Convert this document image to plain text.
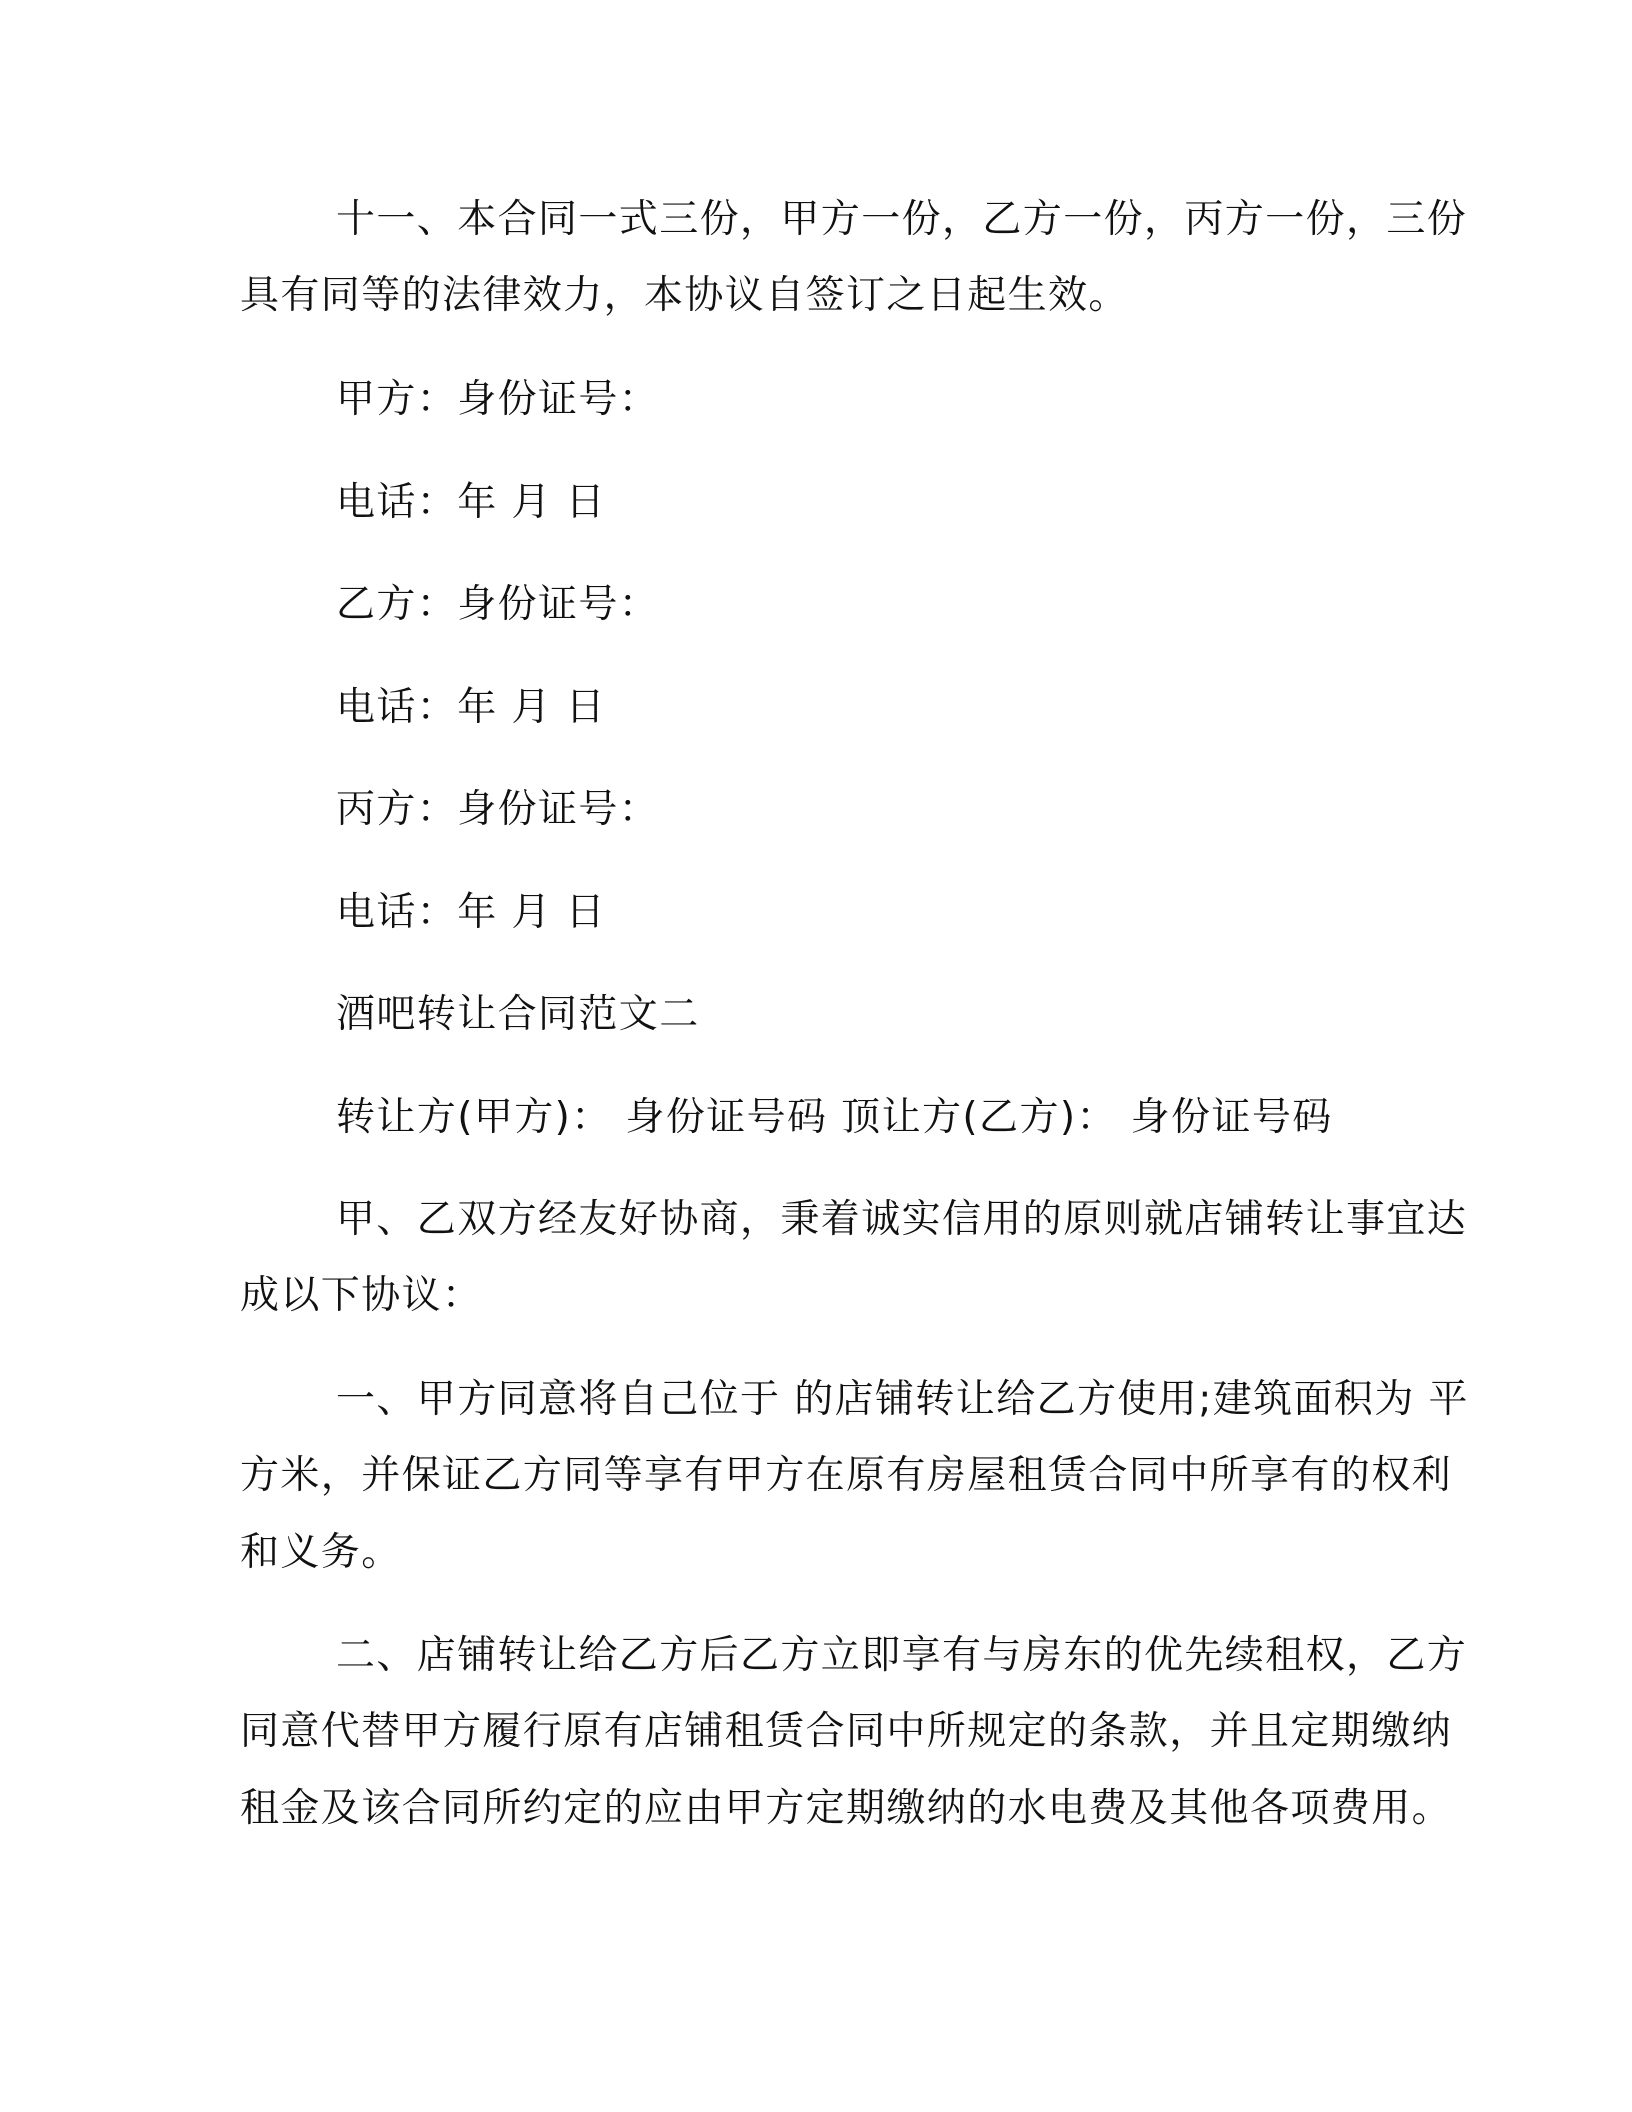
十一、本合同一式三份，甲方一份，乙方一份，丙方一份，三份
具有同等的法律效力，本协议自签订之日起生效。
甲方：身份证号：
电话：年 月 日
乙方：身份证号：
电话：年 月 日
丙方：身份证号：
电话：年 月 日
酒吧转让合同范文二
转让方(甲方)： 身份证号码 顶让方(乙方)： 身份证号码
甲、乙双方经友好协商，秉着诚实信用的原则就店铺转让事宜达
成以下协议：
一、甲方同意将自己位于 的店铺转让给乙方使用;建筑面积为 平
方米，并保证乙方同等享有甲方在原有房屋租赁合同中所享有的权利
和义务。
二、店铺转让给乙方后乙方立即享有与房东的优先续租权，乙方
同意代替甲方履行原有店铺租赁合同中所规定的条款，并且定期缴纳
租金及该合同所约定的应由甲方定期缴纳的水电费及其他各项费用。
